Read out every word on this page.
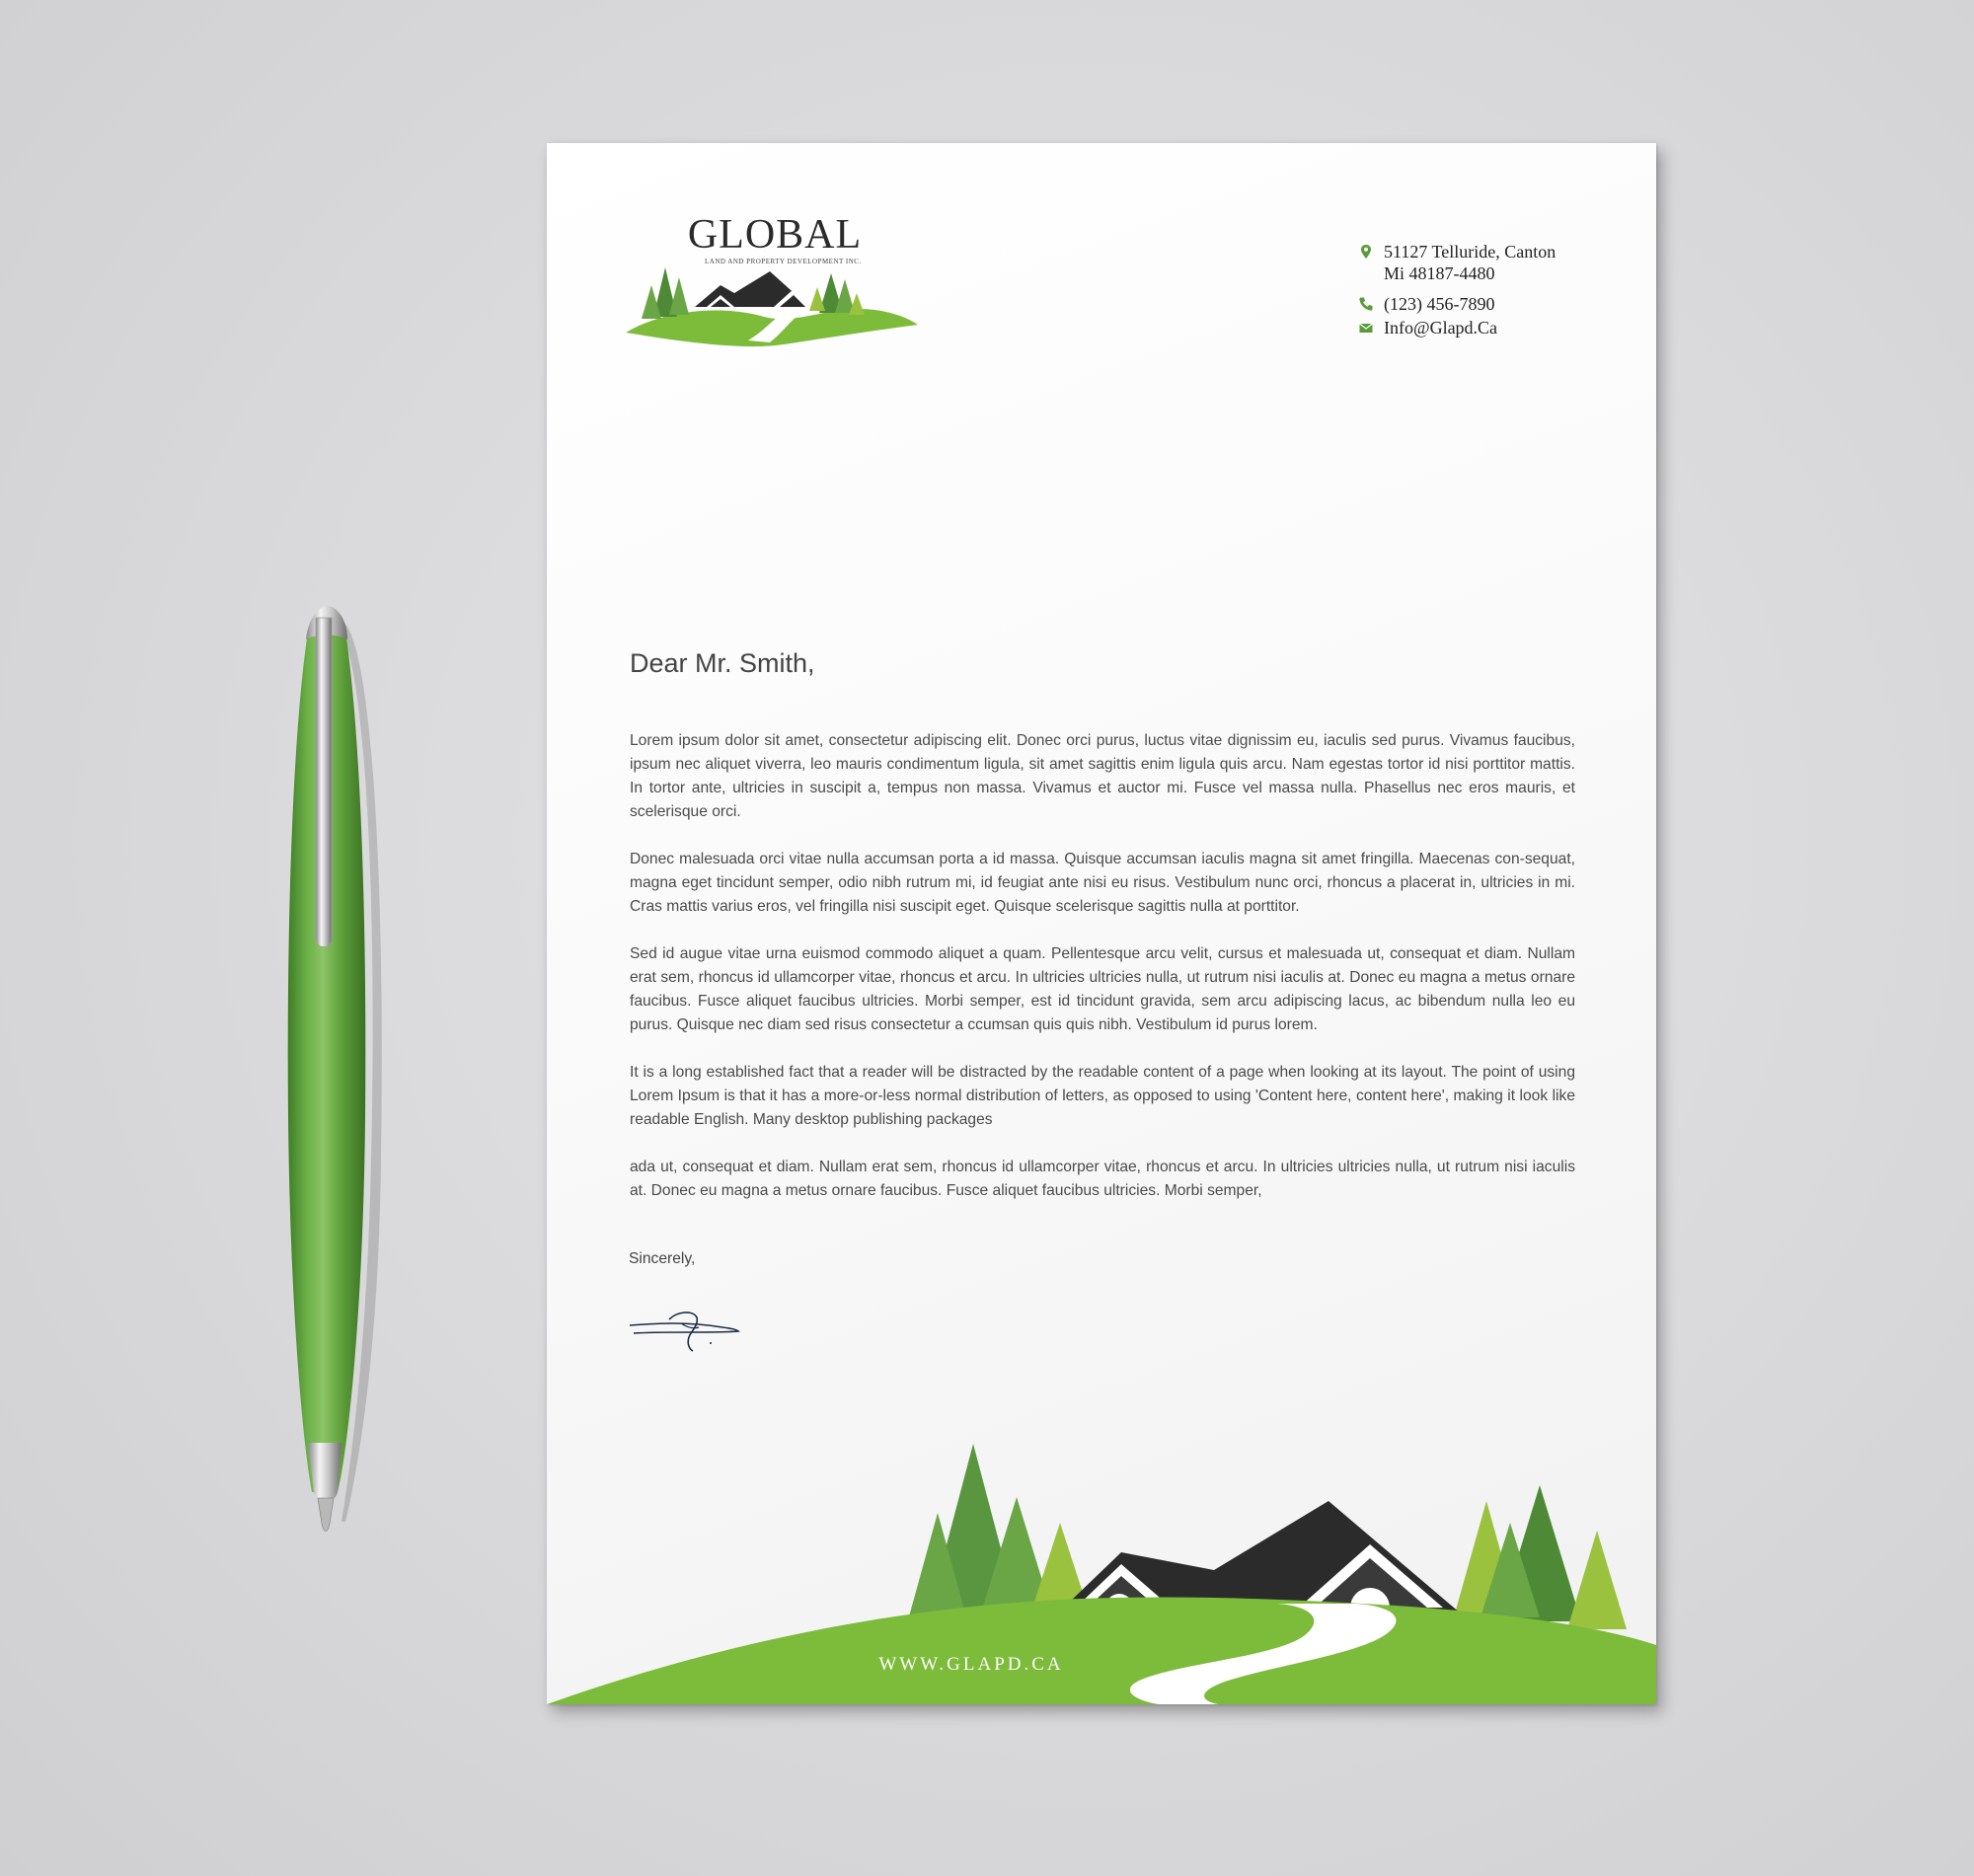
GLOBAL
LAND AND PROPERTY DEVELOPMENT INC.	51127 Telluride, Canton
Mi 48187-4480
(123) 456-7890
Info@Glapd.Ca
Dear Mr. Smith,

Lorem ipsum dolor sit amet, consectetur adipiscing elit. Donec orci purus, luctus vitae dignissim eu, iaculis sed purus. Vivamus faucibus, ipsum nec aliquet viverra, leo mauris condimentum ligula, sit amet sagittis enim ligula quis arcu. Nam egestas tortor id nisi porttitor mattis. In tortor ante, ultricies in suscipit a, tempus non massa. Vivamus et auctor mi. Fusce vel massa nulla. Phasellus nec eros mauris, et scelerisque orci.

Donec malesuada orci vitae nulla accumsan porta a id massa. Quisque accumsan iaculis magna sit amet fringilla. Maecenas con-sequat, magna eget tincidunt semper, odio nibh rutrum mi, id feugiat ante nisi eu risus. Vestibulum nunc orci, rhoncus a placerat in, ultricies in mi. Cras mattis varius eros, vel fringilla nisi suscipit eget. Quisque scelerisque sagittis nulla at porttitor.

Sed id augue vitae urna euismod commodo aliquet a quam. Pellentesque arcu velit, cursus et malesuada ut, consequat et diam. Nullam erat sem, rhoncus id ullamcorper vitae, rhoncus et arcu. In ultricies ultricies nulla, ut rutrum nisi iaculis at. Donec eu magna a metus ornare faucibus. Fusce aliquet faucibus ultricies. Morbi semper, est id tincidunt gravida, sem arcu adipiscing lacus, ac bibendum nulla leo eu purus. Quisque nec diam sed risus consectetur a ccumsan quis quis nibh. Vestibulum id purus lorem.

It is a long established fact that a reader will be distracted by the readable content of a page when looking at its layout. The point of using Lorem Ipsum is that it has a more-or-less normal distribution of letters, as opposed to using 'Content here, content here', making it look like readable English. Many desktop publishing packages

ada ut, consequat et diam. Nullam erat sem, rhoncus id ullamcorper vitae, rhoncus et arcu. In ultricies ultricies nulla, ut rutrum nisi iaculis at. Donec eu magna a metus ornare faucibus. Fusce aliquet faucibus ultricies. Morbi semper,

Sincerely,
WWW.GLAPD.CA
